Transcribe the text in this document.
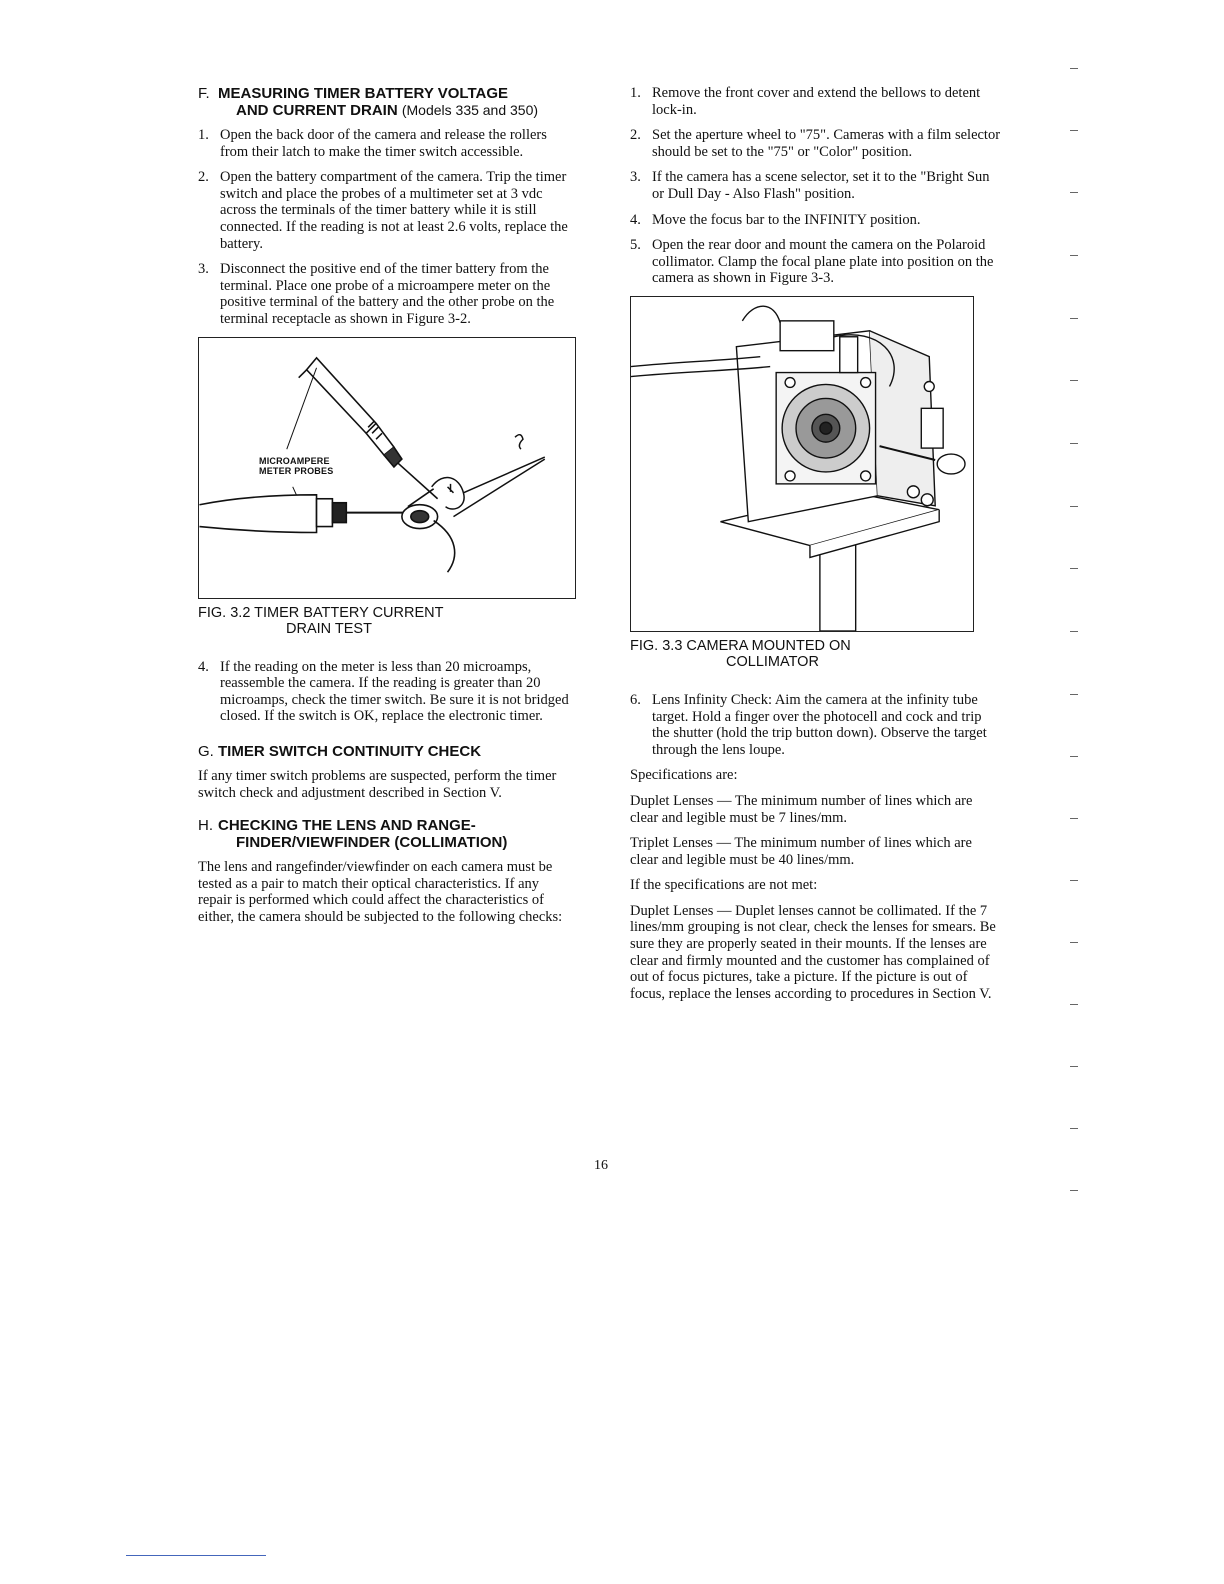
F. MEASURING TIMER BATTERY VOLTAGE
AND CURRENT DRAIN (Models 335 and 350)
1. Open the back door of the camera and release the rollers from their latch to make the timer switch accessible.
2. Open the battery compartment of the camera. Trip the timer switch and place the probes of a multimeter set at 3 vdc across the terminals of the timer battery while it is still connected. If the reading is not at least 2.6 volts, replace the battery.
3. Disconnect the positive end of the timer battery from the terminal. Place one probe of a microampere meter on the positive terminal of the battery and the other probe on the terminal receptacle as shown in Figure 3-2.
MICROAMPERE
METER PROBES
FIG. 3.2 TIMER BATTERY CURRENT
DRAIN TEST
4. If the reading on the meter is less than 20 microamps, reassemble the camera. If the reading is greater than 20 microamps, check the timer switch. Be sure it is not bridged closed. If the switch is OK, replace the electronic timer.
G. TIMER SWITCH CONTINUITY CHECK

If any timer switch problems are suspected, perform the timer switch check and adjustment described in Section V.

H. CHECKING THE LENS AND RANGE-
FINDER/VIEWFINDER (COLLIMATION)

The lens and rangefinder/viewfinder on each camera must be tested as a pair to match their optical characteristics. If any repair is performed which could affect the characteristics of either, the camera should be subjected to the following checks:

1. Remove the front cover and extend the bellows to detent lock-in.
2. Set the aperture wheel to "75". Cameras with a film selector should be set to the "75" or "Color" position.
3. If the camera has a scene selector, set it to the "Bright Sun or Dull Day - Also Flash" position.
4. Move the focus bar to the INFINITY position.
5. Open the rear door and mount the camera on the Polaroid collimator. Clamp the focal plane plate into position on the camera as shown in Figure 3-3.
FIG. 3.3 CAMERA MOUNTED ON
COLLIMATOR
6. Lens Infinity Check: Aim the camera at the infinity tube target. Hold a finger over the photocell and cock and trip the shutter (hold the trip button down). Observe the target through the lens loupe.

Specifications are:

Duplet Lenses — The minimum number of lines which are clear and legible must be 7 lines/mm.

Triplet Lenses — The minimum number of lines which are clear and legible must be 40 lines/mm.

If the specifications are not met:

Duplet Lenses — Duplet lenses cannot be collimated. If the 7 lines/mm grouping is not clear, check the lenses for smears. Be sure they are properly seated in their mounts. If the lenses are clear and firmly mounted and the customer has complained of out of focus pictures, take a picture. If the picture is out of focus, replace the lenses according to procedures in Section V.

16
